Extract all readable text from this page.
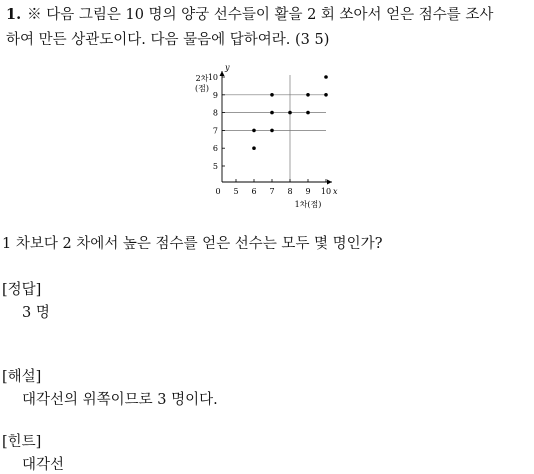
1. ※ 다음 그림은 10 명의 양궁 선수들이 활을 2 회 쏘아서 얻은 점수를 조사
하여 만든 상관도이다. 다음 물음에 답하여라. (3 5)
5 6 7 8 9 10
5
6
7
8
9
10
0	x
y
1차(점)
2차 (점)
1 차보다 2 차에서 높은 점수를 얻은 선수는 모두 몇 명인가?
[정답]
3 명
[해설]
대각선의 위쪽이므로 3 명이다.
[힌트]
대각선
